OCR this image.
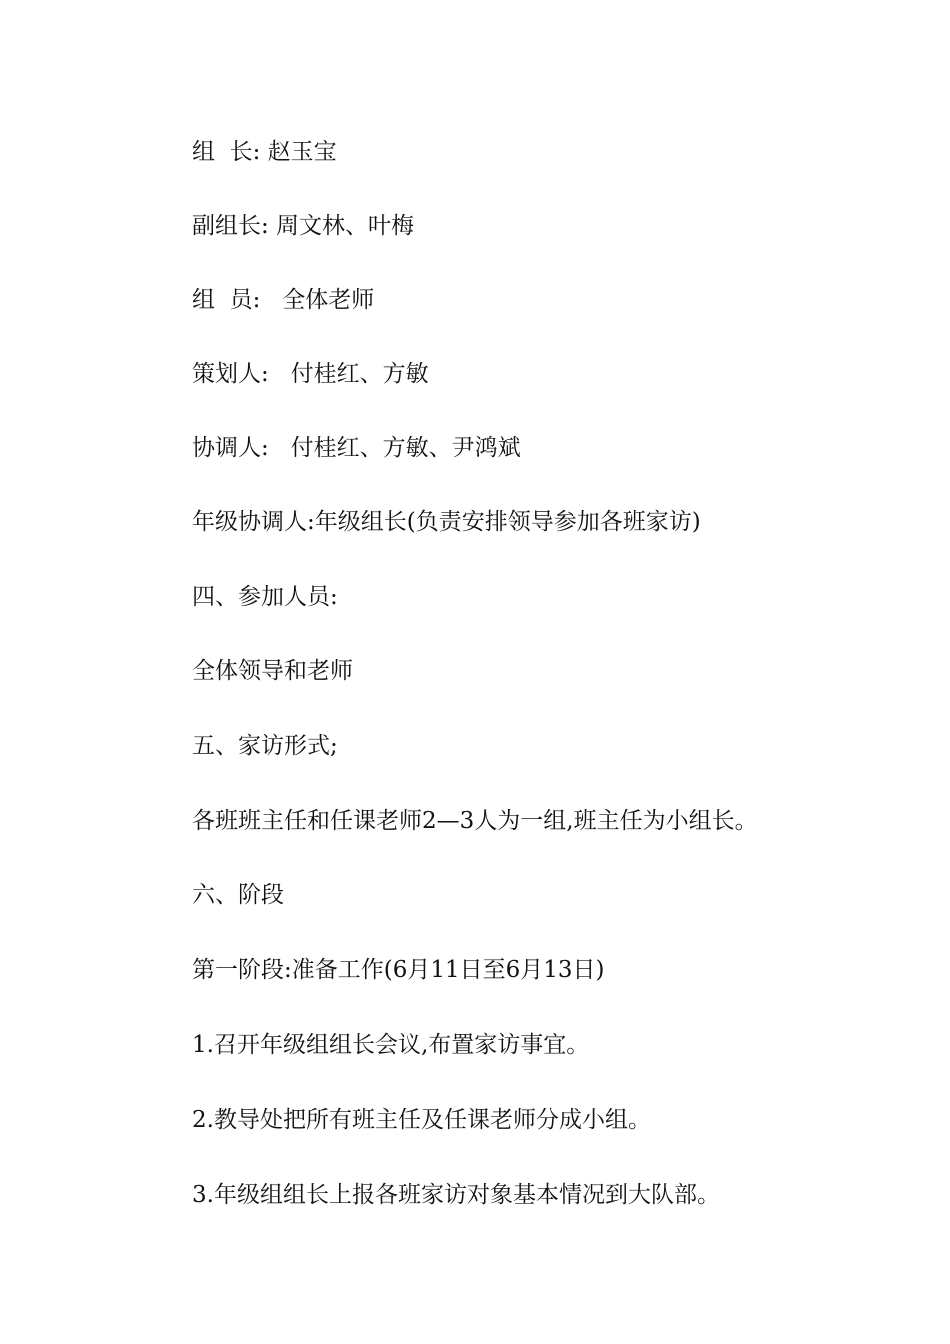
组  长: 赵玉宝
副组长: 周文林、叶梅
组  员:   全体老师
策划人:   付桂红、方敏
协调人:   付桂红、方敏、尹鸿斌
年级协调人:年级组长(负责安排领导参加各班家访)
四、参加人员:
全体领导和老师
五、家访形式;
各班班主任和任课老师2—3人为一组,班主任为小组长。
六、阶段
第一阶段:准备工作(6月11日至6月13日)
1.召开年级组组长会议,布置家访事宜。
2.教导处把所有班主任及任课老师分成小组。
3.年级组组长上报各班家访对象基本情况到大队部。
